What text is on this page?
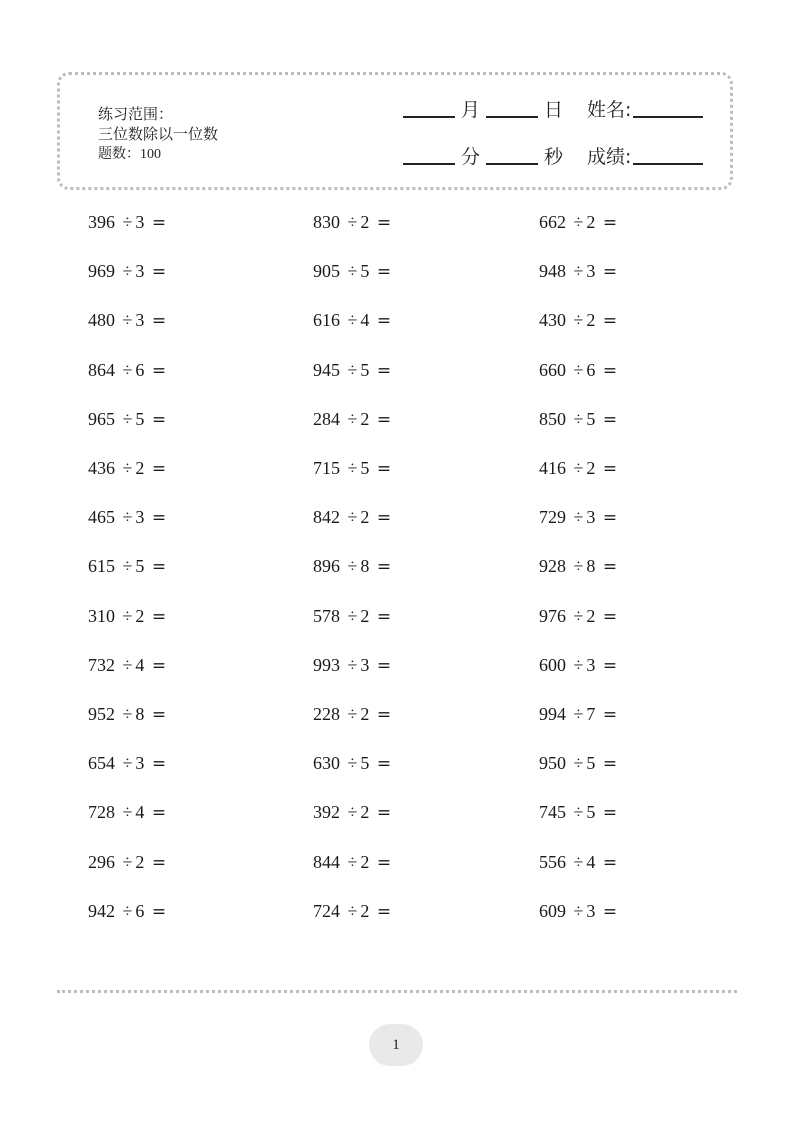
练习范围：
三位数除以一位数
题数：100
月	日 姓名:
分	秒 成绩:
396 ÷ 3 =
969 ÷ 3 =
480 ÷ 3 =
864 ÷ 6 =
965 ÷ 5 =
436 ÷ 2 =
465 ÷ 3 =
615 ÷ 5 =
310 ÷ 2 =
732 ÷ 4 =
952 ÷ 8 =
654 ÷ 3 =
728 ÷ 4 =
296 ÷ 2 =
942 ÷ 6 =
830 ÷ 2 =
905 ÷ 5 =
616 ÷ 4 =
945 ÷ 5 =
284 ÷ 2 =
715 ÷ 5 =
842 ÷ 2 =
896 ÷ 8 =
578 ÷ 2 =
993 ÷ 3 =
228 ÷ 2 =
630 ÷ 5 =
392 ÷ 2 =
844 ÷ 2 =
724 ÷ 2 =
662 ÷ 2 =
948 ÷ 3 =
430 ÷ 2 =
660 ÷ 6 =
850 ÷ 5 =
416 ÷ 2 =
729 ÷ 3 =
928 ÷ 8 =
976 ÷ 2 =
600 ÷ 3 =
994 ÷ 7 =
950 ÷ 5 =
745 ÷ 5 =
556 ÷ 4 =
609 ÷ 3 =
1
